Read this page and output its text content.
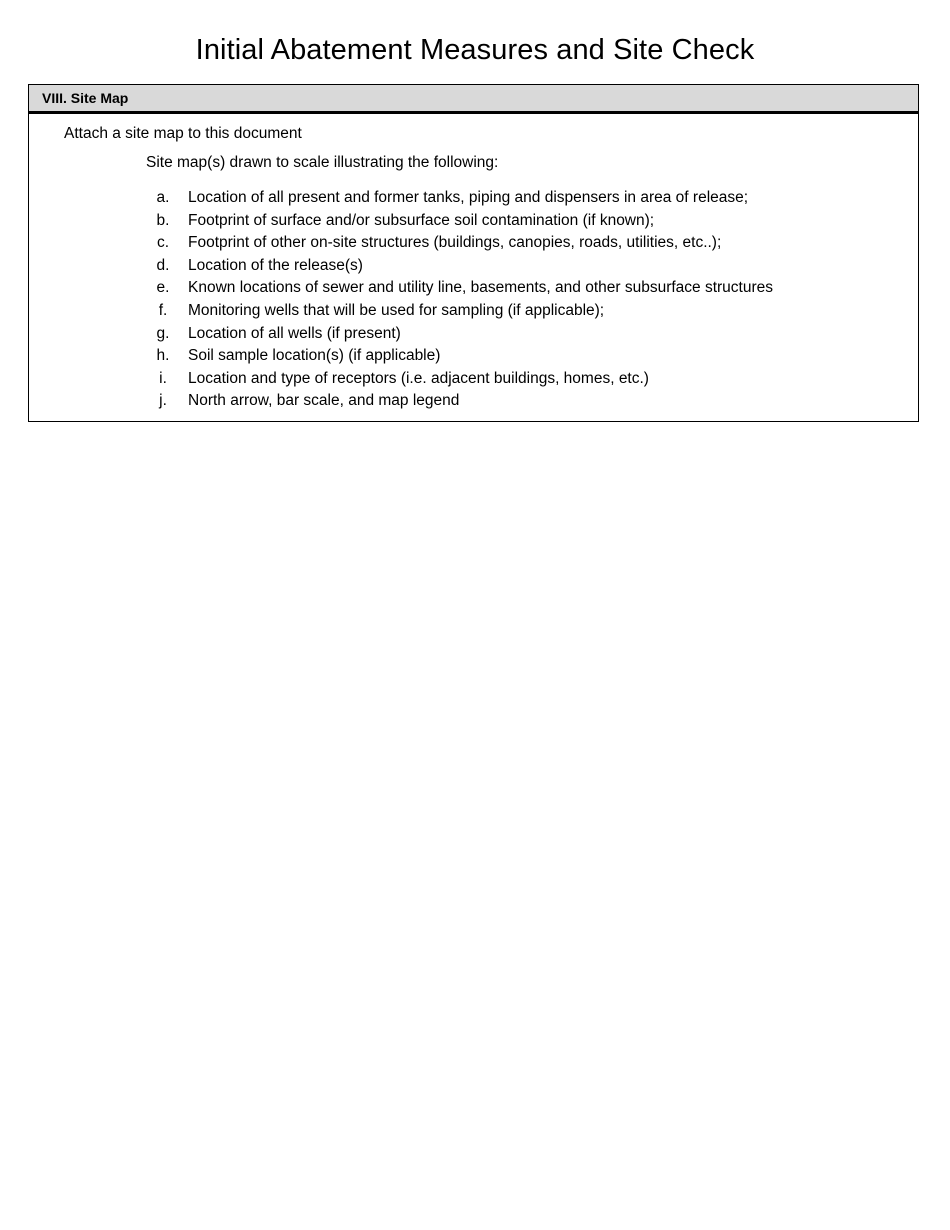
Initial Abatement Measures and Site Check
VIII. Site Map
Attach a site map to this document
Site map(s) drawn to scale illustrating the following:
a.	Location of all present and former tanks, piping and dispensers in area of release;
b.	Footprint of surface and/or subsurface soil contamination (if known);
c.	Footprint of other on-site structures (buildings, canopies, roads, utilities, etc..);
d.	Location of the release(s)
e.	Known locations of sewer and utility line, basements, and other subsurface structures
f.	Monitoring wells that will be used for sampling (if applicable);
g.	Location of all wells (if present)
h.	Soil sample location(s) (if applicable)
i.	Location and type of receptors (i.e. adjacent buildings, homes, etc.)
j.	North arrow, bar scale, and map legend
